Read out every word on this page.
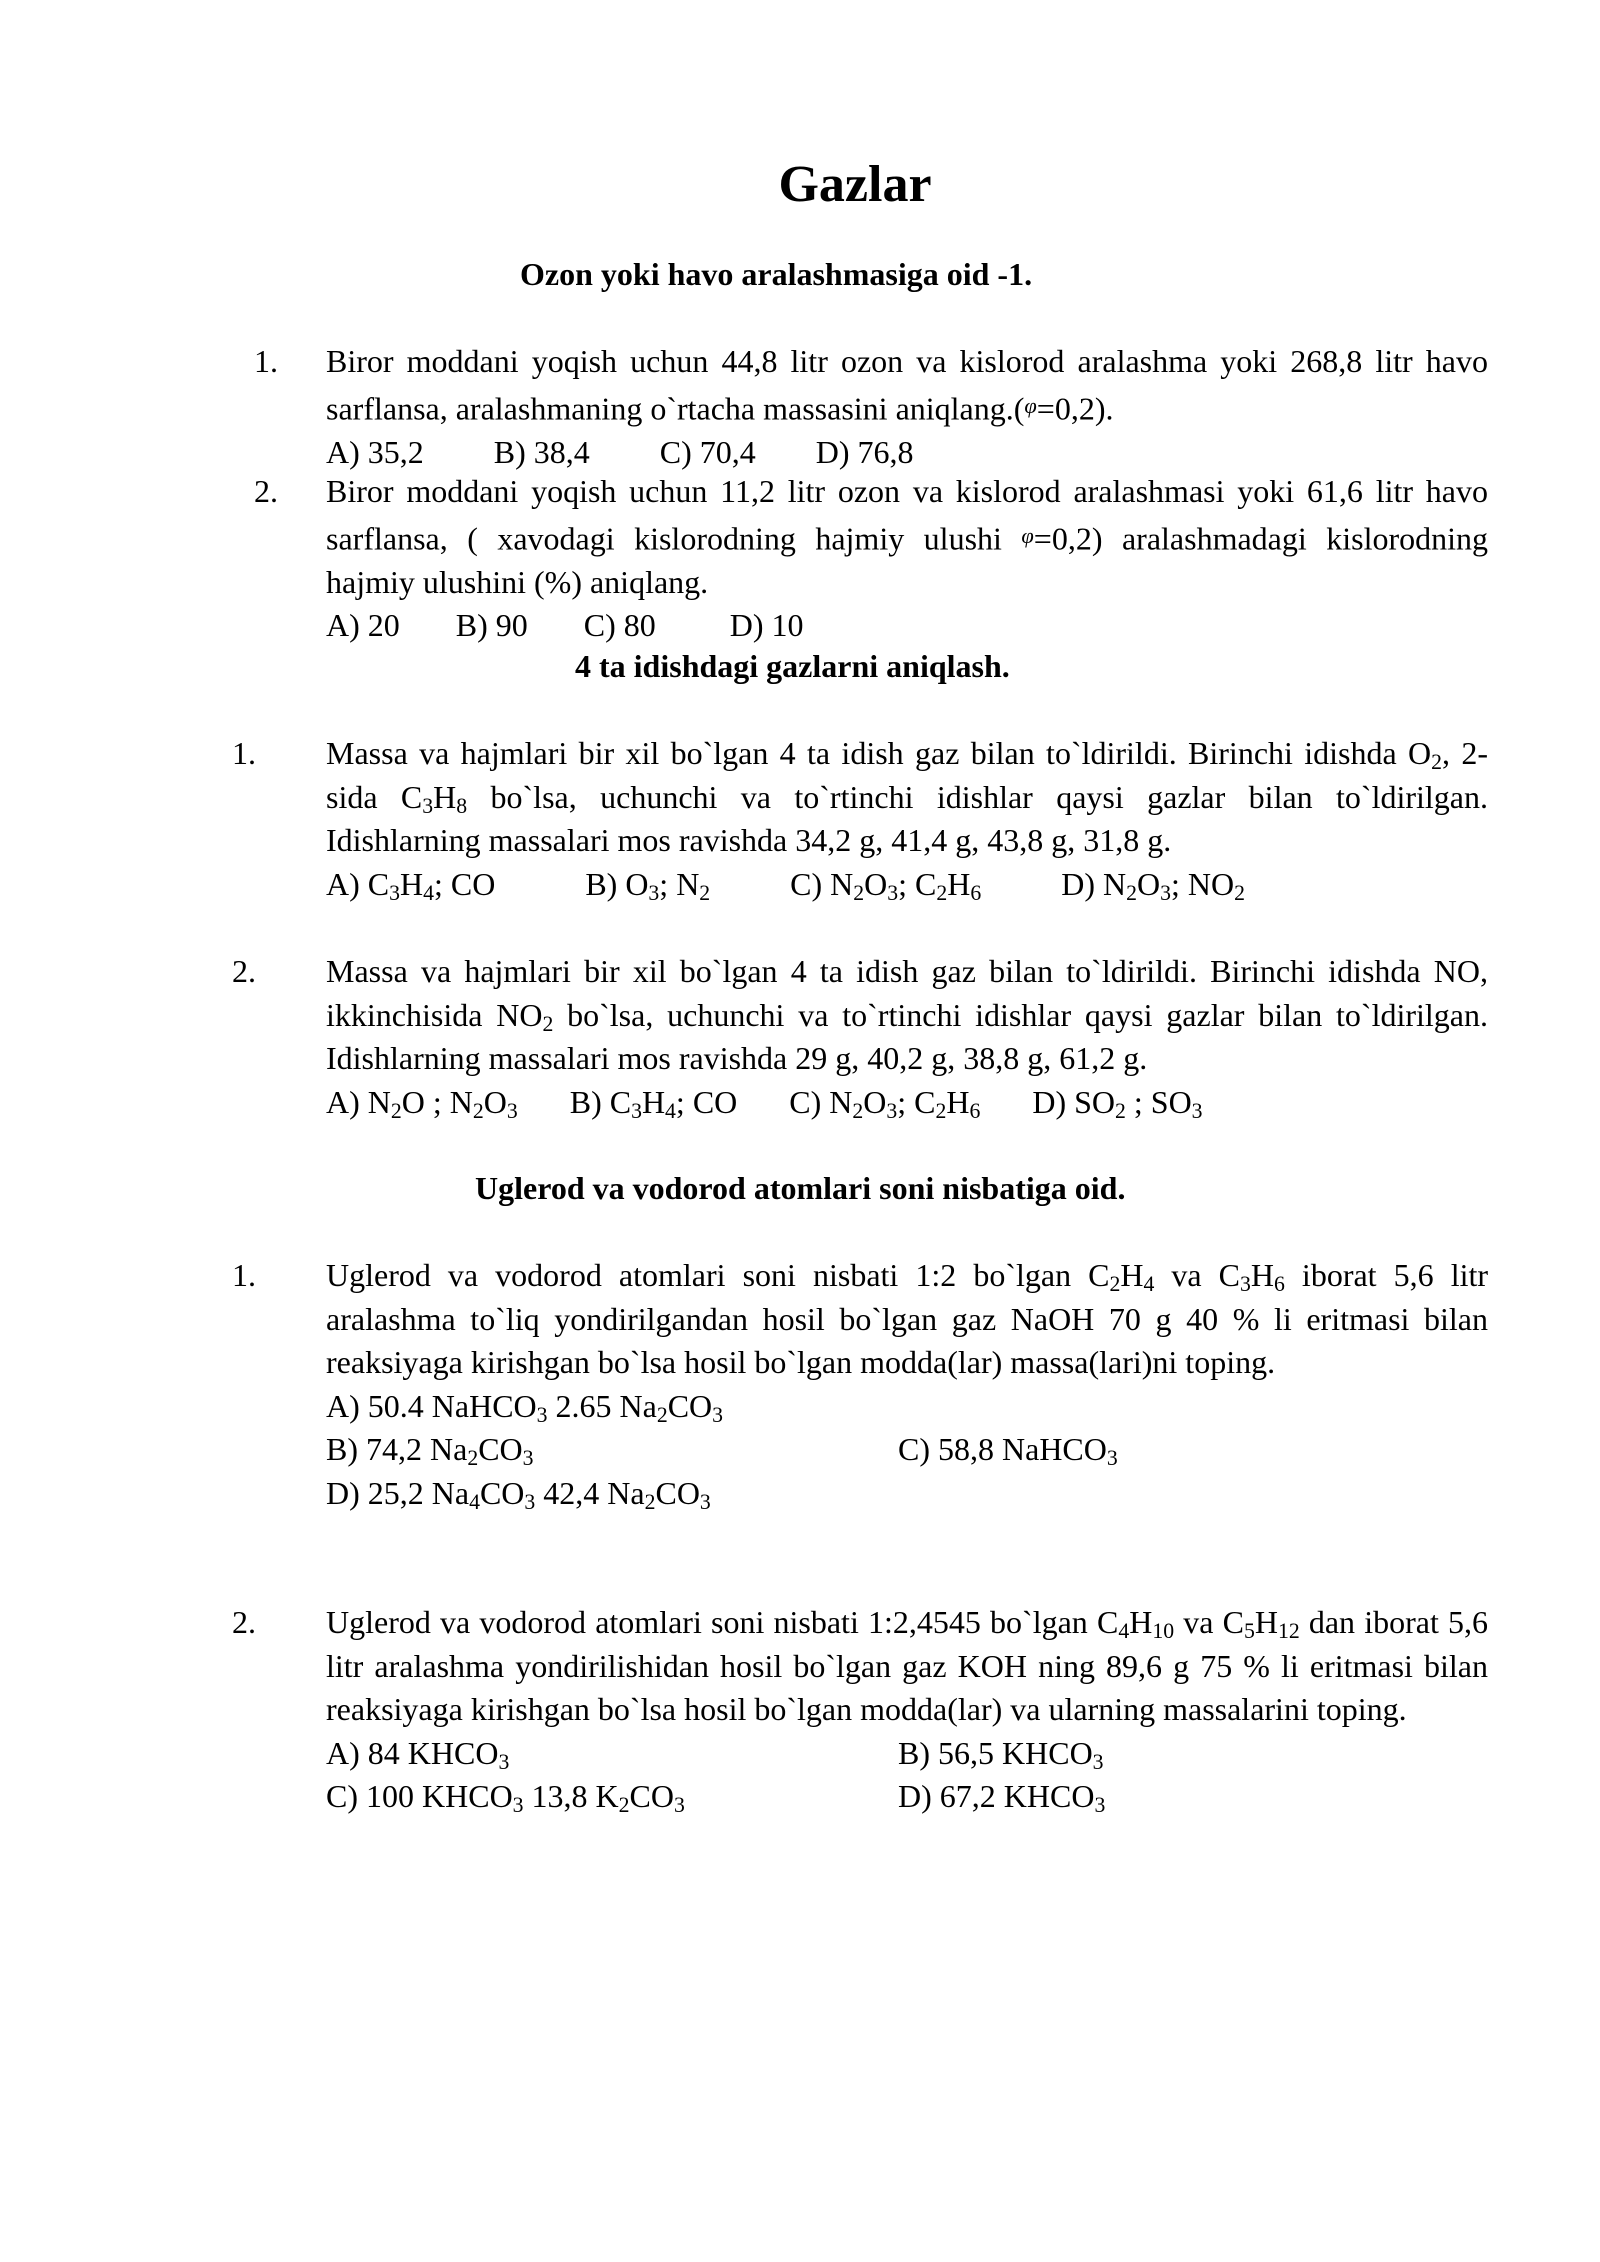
Gazlar
Ozon yoki havo aralashmasiga oid -1.
1. Biror moddani yoqish uchun 44,8 litr ozon va kislorod aralashma yoki 268,8 litr havo sarflansa, aralashmaning o`rtacha massasini aniqlang.($^\varphi$=0,2).
A) 35,2 B) 38,4 C) 70,4 D) 76,8
2. Biror moddani yoqish uchun 11,2 litr ozon va kislorod aralashmasi yoki 61,6 litr havo sarflansa, ( xavodagi kislorodning hajmiy ulushi $^\varphi$=0,2) aralashmadagi kislorodning hajmiy ulushini (%) aniqlang.
A) 20 B) 90 C) 80 D) 10
4 ta idishdagi gazlarni aniqlash.
1. Massa va hajmlari bir xil bo`lgan 4 ta idish gaz bilan to`ldirildi. Birinchi idishda $O_2$, 2-sida $C_3H_8$ bo`lsa, uchunchi va to`rtinchi idishlar qaysi gazlar bilan to`ldirilgan. Idishlarning massalari mos ravishda 34,2 g, 41,4 g, 43,8 g, 31,8 g.
A) $C_3H_4$; CO	B) $O_3$; $N_2$	C) $N_2O_3$; $C_2H_6$	D) $N_2O_3$; $NO_2$
2. Massa va hajmlari bir xil bo`lgan 4 ta idish gaz bilan to`ldirildi. Birinchi idishda NO, ikkinchisida $NO_2$ bo`lsa, uchunchi va to`rtinchi idishlar qaysi gazlar bilan to`ldirilgan. Idishlarning massalari mos ravishda 29 g, 40,2 g, 38,8 g, 61,2 g.
A) $N_2O$ ; $N_2O_3$ B) $C_3H_4$; CO C) $N_2O_3$; $C_2H_6$ D) $SO_2$ ; $SO_3$
Uglerod va vodorod atomlari soni nisbatiga oid.
1. Uglerod va vodorod atomlari soni nisbati 1:2 bo`lgan $C_2H_4$ va $C_3H_6$ iborat 5,6 litr aralashma to`liq yondirilgandan hosil bo`lgan gaz NaOH 70 g 40 % li eritmasi bilan reaksiyaga kirishgan bo`lsa hosil bo`lgan modda(lar) massa(lari)ni toping.
A) 50.4 NaHCO$_3$ 2.65 $Na_2CO_3$
B) 74,2 $Na_2CO_3$	C) 58,8 NaHCO$_3$
D) 25,2 $Na_4CO_3$ 42,4 $Na_2CO_3$
2. Uglerod va vodorod atomlari soni nisbati 1:2,4545 bo`lgan $C_4H_{10}$ va $C_5H_{12}$ dan iborat 5,6 litr aralashma yondirilishidan hosil bo`lgan gaz KOH ning 89,6 g 75 % li eritmasi bilan reaksiyaga kirishgan bo`lsa hosil bo`lgan modda(lar) va ularning massalarini toping.
A) 84 $KHCO_3$	B) 56,5 $KHCO_3$
C) 100 $KHCO_3$ 13,8 $K_2CO_3$	D) 67,2 $KHCO_3$
